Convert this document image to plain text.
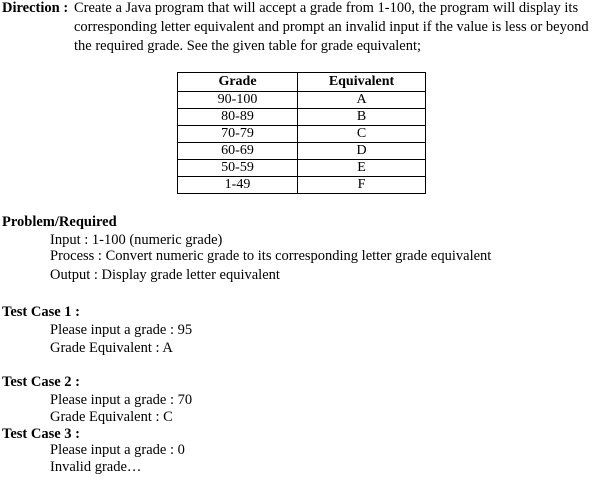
Direction : Create a Java program that will accept a grade from 1-100, the program will display its
corresponding letter equivalent and prompt an invalid input if the value is less or beyond
the required grade. See the given table for grade equivalent;
Grade	Equivalent
90-100	A
80-89	B
70-79	C
60-69	D
50-59	E
1-49	F
Problem/Required
Input : 1-100 (numeric grade)
Process : Convert numeric grade to its corresponding letter grade equivalent
Output : Display grade letter equivalent
Test Case 1 :
Please input a grade : 95
Grade Equivalent : A
Test Case 2 :
Please input a grade : 70
Grade Equivalent : C
Test Case 3 :
Please input a grade : 0
Invalid grade…
